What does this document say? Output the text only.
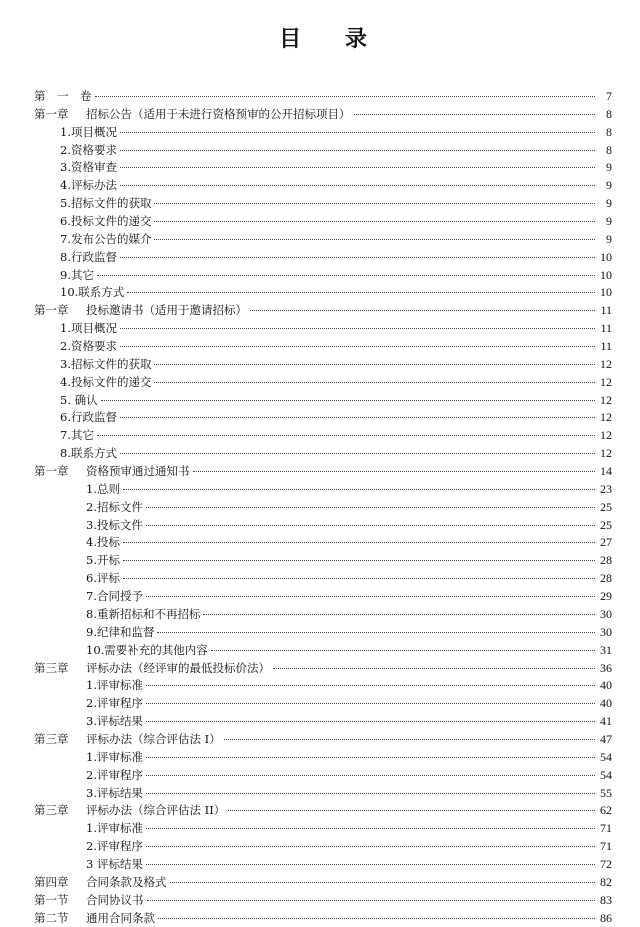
目 录
第　一　卷	7
第一章 招标公告（适用于未进行资格预审的公开招标项目）	8
1.项目概况	8
2.资格要求	8
3.资格审查	9
4.评标办法	9
5.招标文件的获取	9
6.投标文件的递交	9
7.发布公告的媒介	9
8.行政监督	10
9.其它	10
10.联系方式	10
第一章 投标邀请书（适用于邀请招标）	11
1.项目概况	11
2.资格要求	11
3.招标文件的获取	12
4.投标文件的递交	12
5. 确认	12
6.行政监督	12
7.其它	12
8.联系方式	12
第一章 资格预审通过通知书	14
1.总则	23
2.招标文件	25
3.投标文件	25
4.投标	27
5.开标	28
6.评标	28
7.合同授予	29
8.重新招标和不再招标	30
9.纪律和监督	30
10.需要补充的其他内容	31
第三章 评标办法（经评审的最低投标价法）	36
1.评审标准	40
2.评审程序	40
3.评标结果	41
第三章 评标办法（综合评估法 I）	47
1.评审标准	54
2.评审程序	54
3.评标结果	55
第三章 评标办法（综合评估法 II）	62
1.评审标准	71
2.评审程序	71
3 评标结果	72
第四章 合同条款及格式	82
第一节 合同协议书	83
第二节 通用合同条款	86
